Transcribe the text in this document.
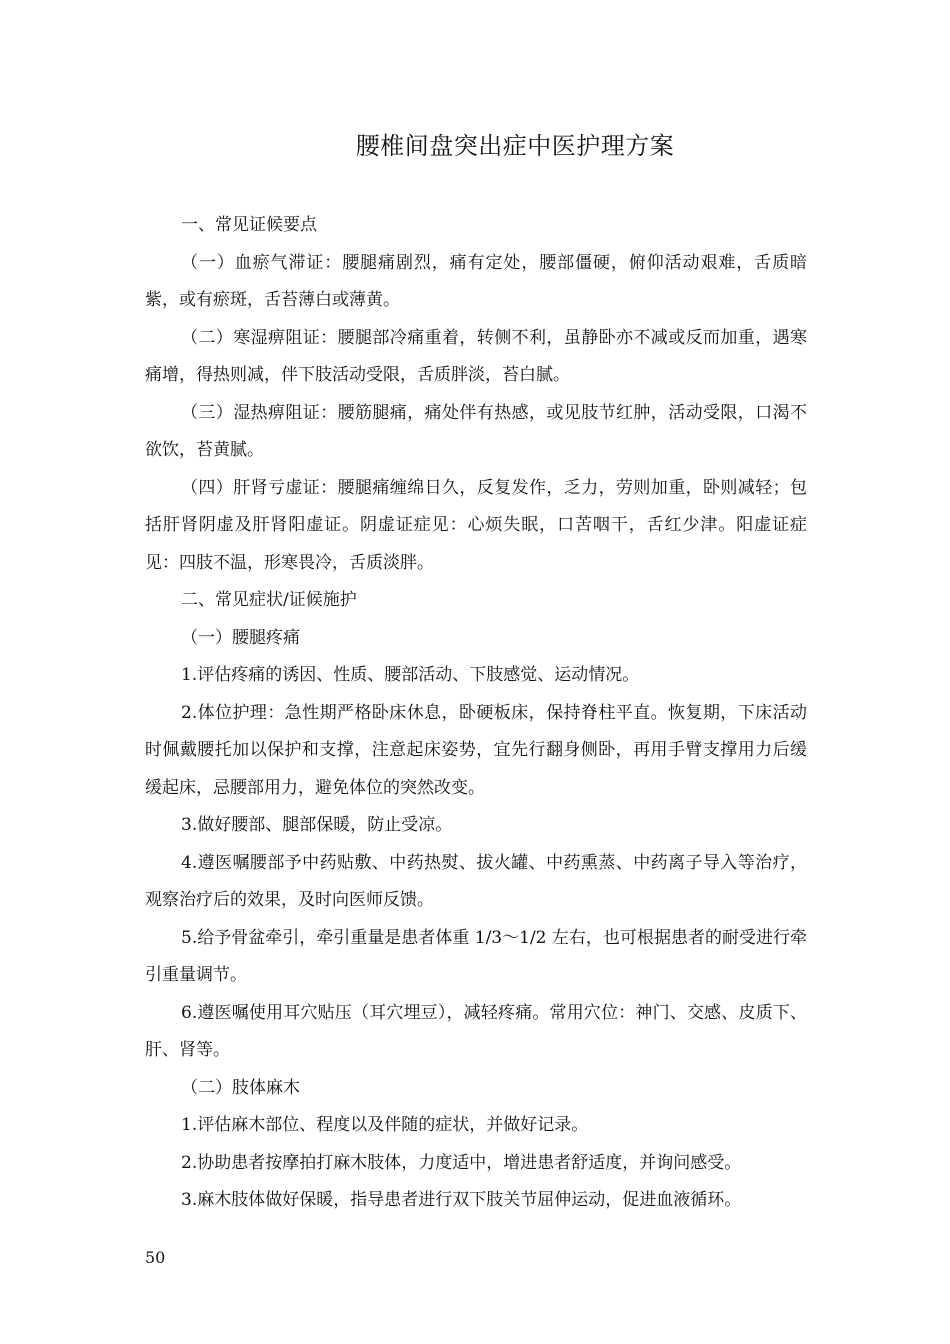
腰椎间盘突出症中医护理方案

一、常见证候要点

（一）血瘀气滞证：腰腿痛剧烈，痛有定处，腰部僵硬，俯仰活动艰难，舌质暗紫，或有瘀斑，舌苔薄白或薄黄。

（二）寒湿痹阻证：腰腿部冷痛重着，转侧不利，虽静卧亦不减或反而加重，遇寒痛增，得热则减，伴下肢活动受限，舌质胖淡，苔白腻。

（三）湿热痹阻证：腰筋腿痛，痛处伴有热感，或见肢节红肿，活动受限，口渴不欲饮，苔黄腻。

（四）肝肾亏虚证：腰腿痛缠绵日久，反复发作，乏力，劳则加重，卧则减轻；包括肝肾阴虚及肝肾阳虚证。阴虚证症见：心烦失眠，口苦咽干，舌红少津。阳虚证症见：四肢不温，形寒畏冷，舌质淡胖。

二、常见症状/证候施护

（一）腰腿疼痛

1.评估疼痛的诱因、性质、腰部活动、下肢感觉、运动情况。

2.体位护理：急性期严格卧床休息，卧硬板床，保持脊柱平直。恢复期，下床活动时佩戴腰托加以保护和支撑，注意起床姿势，宜先行翻身侧卧，再用手臂支撑用力后缓缓起床，忌腰部用力，避免体位的突然改变。

3.做好腰部、腿部保暖，防止受凉。

4.遵医嘱腰部予中药贴敷、中药热熨、拔火罐、中药熏蒸、中药离子导入等治疗，观察治疗后的效果，及时向医师反馈。

5.给予骨盆牵引，牵引重量是患者体重 1/3～1/2 左右，也可根据患者的耐受进行牵引重量调节。

6.遵医嘱使用耳穴贴压（耳穴埋豆），减轻疼痛。常用穴位：神门、交感、皮质下、肝、肾等。

（二）肢体麻木

1.评估麻木部位、程度以及伴随的症状，并做好记录。

2.协助患者按摩拍打麻木肢体，力度适中，增进患者舒适度，并询问感受。

3.麻木肢体做好保暖，指导患者进行双下肢关节屈伸运动，促进血液循环。

50
